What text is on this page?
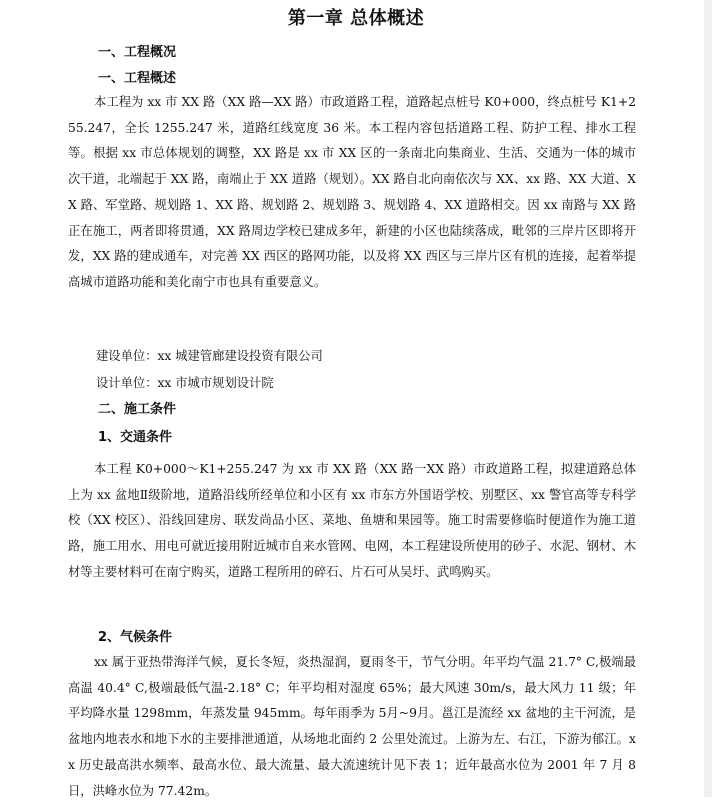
第一章 总体概述
一、工程概况
一、工程概述
本工程为 xx 市 XX 路（XX 路—XX 路）市政道路工程，道路起点桩号 K0+000，终点桩号 K1+255.247，全长 1255.247 米，道路红线宽度 36 米。本工程内容包括道路工程、防护工程、排水工程等。根据 xx 市总体规划的调整，XX 路是 xx 市 XX 区的一条南北向集商业、生活、交通为一体的城市次干道，北端起于 XX 路，南端止于 XX 道路（规划）。XX 路自北向南依次与 XX、xx 路、XX 大道、XX 路、军堂路、规划路 1、XX 路、规划路 2、规划路 3、规划路 4、XX 道路相交。因 xx 南路与 XX 路正在施工，两者即将贯通，XX 路周边学校已建成多年，新建的小区也陆续落成，毗邻的三岸片区即将开发，XX 路的建成通车，对完善 XX 西区的路网功能，以及将 XX 西区与三岸片区有机的连接，起着举提高城市道路功能和美化南宁市也具有重要意义。
建设单位：xx 城建管廊建设投资有限公司
设计单位：xx 市城市规划设计院
二、施工条件
1、交通条件
本工程 K0+000～K1+255.247 为 xx 市 XX 路（XX 路一XX 路）市政道路工程，拟建道路总体上为 xx 盆地Ⅱ级阶地，道路沿线所经单位和小区有 xx 市东方外国语学校、别墅区、xx 警官高等专科学校（XX 校区）、沿线回建房、联发尚品小区、菜地、鱼塘和果园等。施工时需要修临时便道作为施工道路，施工用水、用电可就近接用附近城市自来水管网、电网，本工程建设所使用的砂子、水泥、钢材、木材等主要材料可在南宁购买，道路工程所用的碎石、片石可从吴圩、武鸣购买。
2、气候条件
xx 属于亚热带海洋气候，夏长冬短，炎热湿润，夏雨冬干，节气分明。年平均气温 21.7° C,极端最高温 40.4° C,极端最低气温-2.18° C；年平均相对湿度 65%；最大风速 30m/s，最大风力 11 级；年平均降水量 1298mm，年蒸发量 945mm。每年雨季为 5月~9月。邕江是流经 xx 盆地的主干河流，是盆地内地表水和地下水的主要排泄通道，从场地北面约 2 公里处流过。上游为左、右江，下游为郁江。xx 历史最高洪水频率、最高水位、最大流量、最大流速统计见下表 1；近年最高水位为 2001 年 7 月 8 日，洪峰水位为 77.42m。
